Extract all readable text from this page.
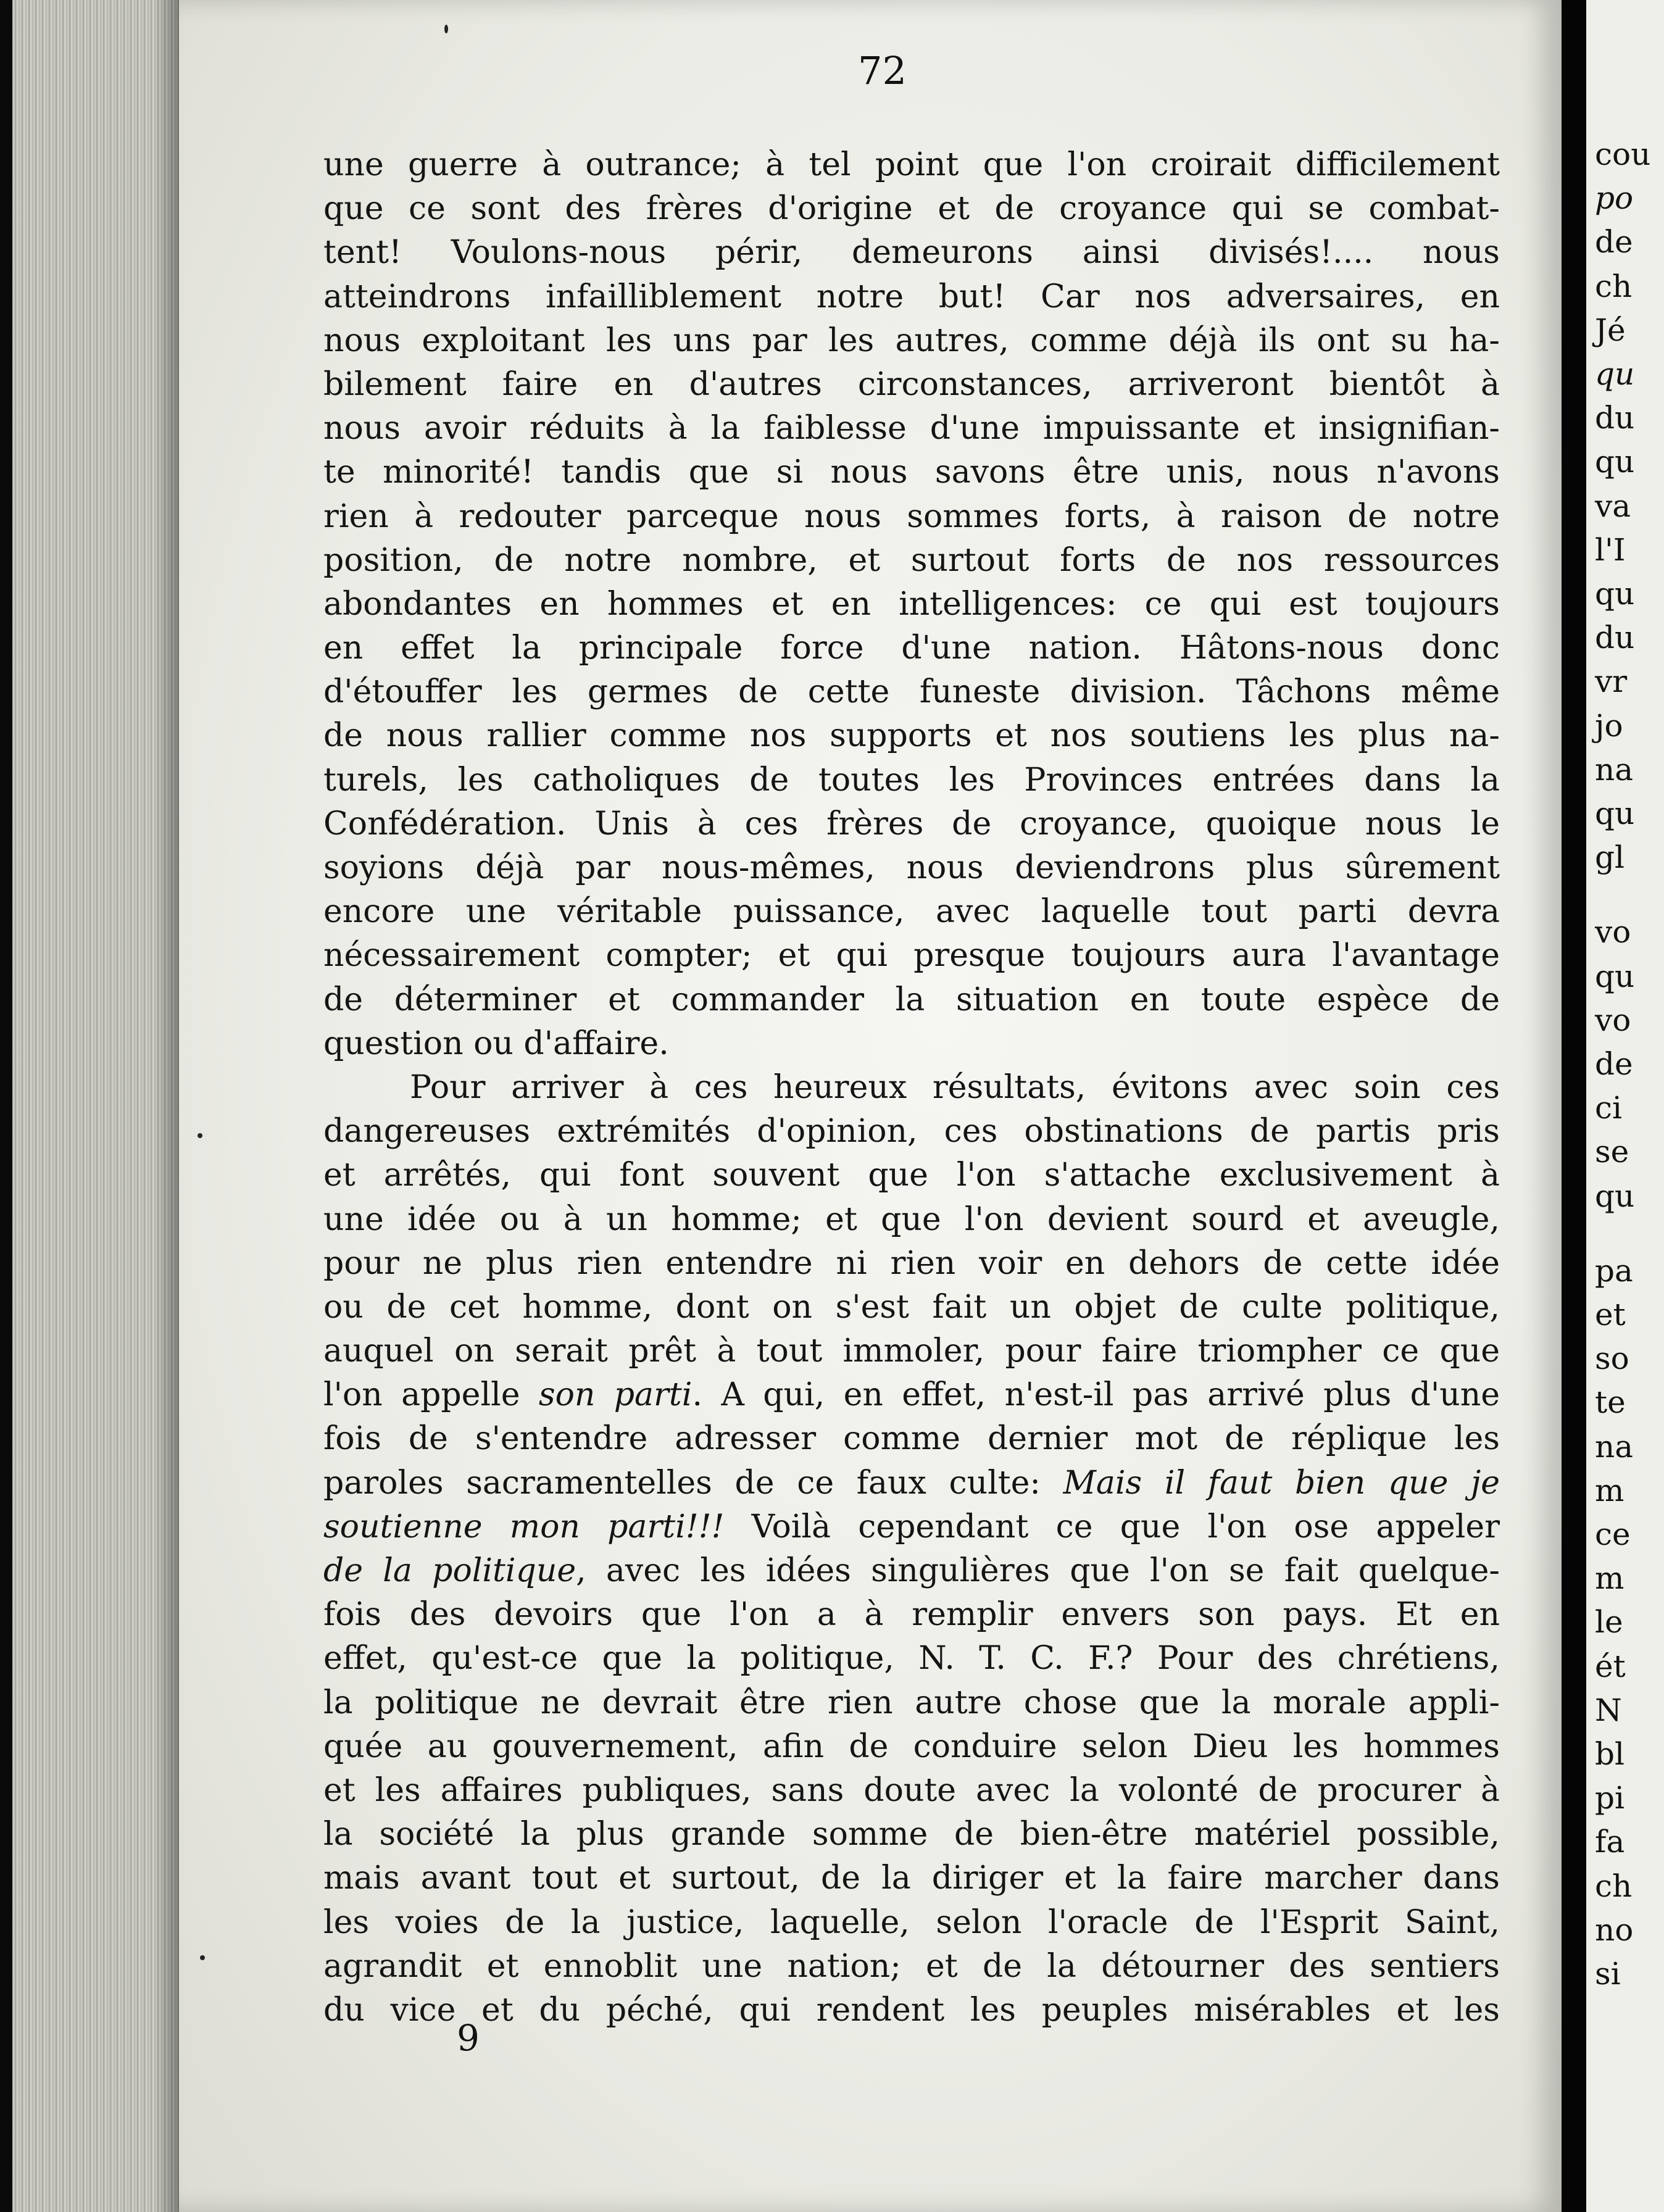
72
une guerre à outrance; à tel point que l'on croirait difficilement
que ce sont des frères d'origine et de croyance qui se combat-
tent! Voulons-nous périr, demeurons ainsi divisés!.... nous
atteindrons infailliblement notre but! Car nos adversaires, en
nous exploitant les uns par les autres, comme déjà ils ont su ha-
bilement faire en d'autres circonstances, arriveront bientôt à
nous avoir réduits à la faiblesse d'une impuissante et insignifian-
te minorité! tandis que si nous savons être unis, nous n'avons
rien à redouter parceque nous sommes forts, à raison de notre
position, de notre nombre, et surtout forts de nos ressources
abondantes en hommes et en intelligences: ce qui est toujours
en effet la principale force d'une nation. Hâtons-nous donc
d'étouffer les germes de cette funeste division. Tâchons même
de nous rallier comme nos supports et nos soutiens les plus na-
turels, les catholiques de toutes les Provinces entrées dans la
Confédération. Unis à ces frères de croyance, quoique nous le
soyions déjà par nous-mêmes, nous deviendrons plus sûrement
encore une véritable puissance, avec laquelle tout parti devra
nécessairement compter; et qui presque toujours aura l'avantage
de déterminer et commander la situation en toute espèce de
question ou d'affaire.
Pour arriver à ces heureux résultats, évitons avec soin ces
dangereuses extrémités d'opinion, ces obstinations de partis pris
et arrêtés, qui font souvent que l'on s'attache exclusivement à
une idée ou à un homme; et que l'on devient sourd et aveugle,
pour ne plus rien entendre ni rien voir en dehors de cette idée
ou de cet homme, dont on s'est fait un objet de culte politique,
auquel on serait prêt à tout immoler, pour faire triompher ce que
l'on appelle son parti. A qui, en effet, n'est-il pas arrivé plus d'une
fois de s'entendre adresser comme dernier mot de réplique les
paroles sacramentelles de ce faux culte: Mais il faut bien que je
soutienne mon parti!!! Voilà cependant ce que l'on ose appeler
de la politique, avec les idées singulières que l'on se fait quelque-
fois des devoirs que l'on a à remplir envers son pays. Et en
effet, qu'est-ce que la politique, N. T. C. F.? Pour des chrétiens,
la politique ne devrait être rien autre chose que la morale appli-
quée au gouvernement, afin de conduire selon Dieu les hommes
et les affaires publiques, sans doute avec la volonté de procurer à
la société la plus grande somme de bien-être matériel possible,
mais avant tout et surtout, de la diriger et la faire marcher dans
les voies de la justice, laquelle, selon l'oracle de l'Esprit Saint,
agrandit et ennoblit une nation; et de la détourner des sentiers
du vice et du péché, qui rendent les peuples misérables et les
9
cou
po
de
ch
Jé
qu
du
qu
va
l'I
qu
du
vr
jo
na
qu
gl
vo
qu
vo
de
ci
se
qu
pa
et
so
te
na
m
ce
m
le
ét
N
bl
pi
fa
ch
no
si
